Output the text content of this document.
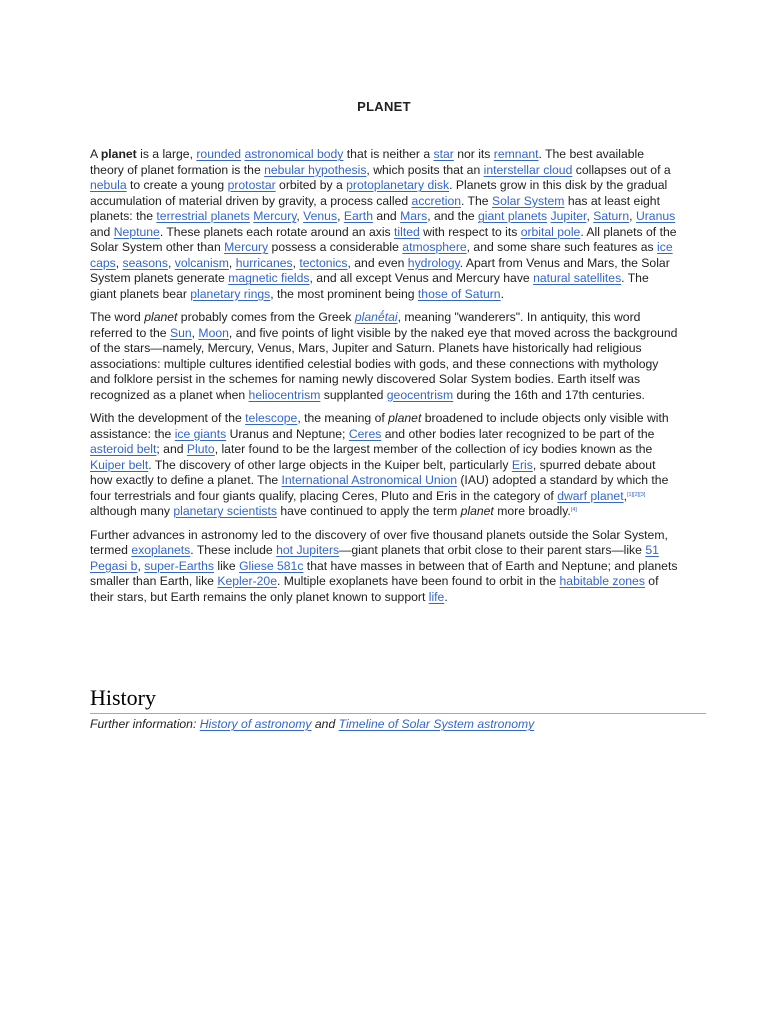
PLANET

A planet is a large, rounded astronomical body that is neither a star nor its remnant. The best available theory of planet formation is the nebular hypothesis, which posits that an interstellar cloud collapses out of a nebula to create a young protostar orbited by a protoplanetary disk. Planets grow in this disk by the gradual accumulation of material driven by gravity, a process called accretion. The Solar System has at least eight planets: the terrestrial planets Mercury, Venus, Earth and Mars, and the giant planets Jupiter, Saturn, Uranus and Neptune. These planets each rotate around an axis tilted with respect to its orbital pole. All planets of the Solar System other than Mercury possess a considerable atmosphere, and some share such features as ice caps, seasons, volcanism, hurricanes, tectonics, and even hydrology. Apart from Venus and Mars, the Solar System planets generate magnetic fields, and all except Venus and Mercury have natural satellites. The giant planets bear planetary rings, the most prominent being those of Saturn.

The word planet probably comes from the Greek planḗtai, meaning "wanderers". In antiquity, this word referred to the Sun, Moon, and five points of light visible by the naked eye that moved across the background of the stars—namely, Mercury, Venus, Mars, Jupiter and Saturn. Planets have historically had religious associations: multiple cultures identified celestial bodies with gods, and these connections with mythology and folklore persist in the schemes for naming newly discovered Solar System bodies. Earth itself was recognized as a planet when heliocentrism supplanted geocentrism during the 16th and 17th centuries.

With the development of the telescope, the meaning of planet broadened to include objects only visible with assistance: the ice giants Uranus and Neptune; Ceres and other bodies later recognized to be part of the asteroid belt; and Pluto, later found to be the largest member of the collection of icy bodies known as the Kuiper belt. The discovery of other large objects in the Kuiper belt, particularly Eris, spurred debate about how exactly to define a planet. The International Astronomical Union (IAU) adopted a standard by which the four terrestrials and four giants qualify, placing Ceres, Pluto and Eris in the category of dwarf planet,[1][2][3] although many planetary scientists have continued to apply the term planet more broadly.[4]

Further advances in astronomy led to the discovery of over five thousand planets outside the Solar System, termed exoplanets. These include hot Jupiters—giant planets that orbit close to their parent stars—like 51 Pegasi b, super-Earths like Gliese 581c that have masses in between that of Earth and Neptune; and planets smaller than Earth, like Kepler-20e. Multiple exoplanets have been found to orbit in the habitable zones of their stars, but Earth remains the only planet known to support life.

History
Further information: History of astronomy and Timeline of Solar System astronomy
